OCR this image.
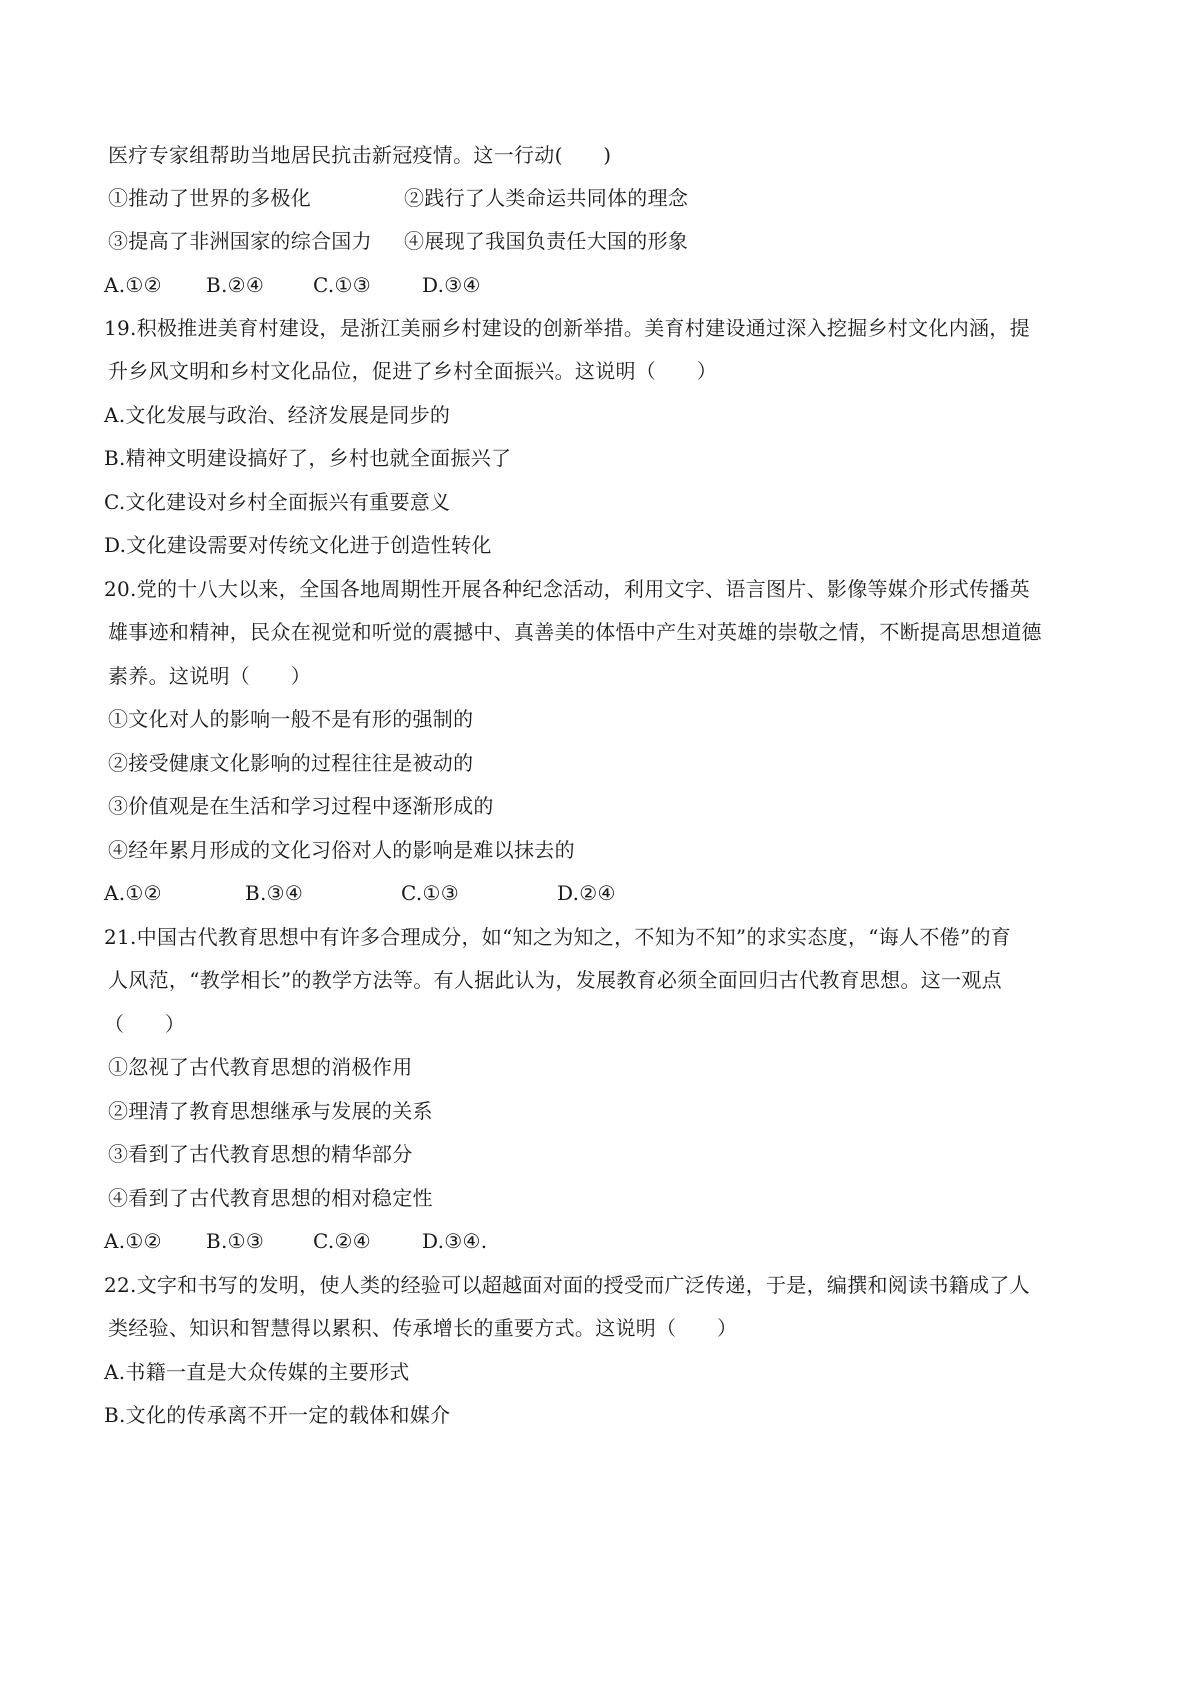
医疗专家组帮助当地居民抗击新冠疫情。这一行动(　　)
①推动了世界的多极化	②践行了人类命运共同体的理念
③提高了非洲国家的综合国力 ④展现了我国负责任大国的形象
A.①② B.②④ C.①③	D.③④
19.积极推进美育村建设，是浙江美丽乡村建设的创新举措。美育村建设通过深入挖掘乡村文化内涵，提
升乡风文明和乡村文化品位，促进了乡村全面振兴。这说明（　　）
A.文化发展与政治、经济发展是同步的
B.精神文明建设搞好了，乡村也就全面振兴了
C.文化建设对乡村全面振兴有重要意义
D.文化建设需要对传统文化进于创造性转化
20.党的十八大以来，全国各地周期性开展各种纪念活动，利用文字、语言图片、影像等媒介形式传播英
雄事迹和精神，民众在视觉和听觉的震撼中、真善美的体悟中产生对英雄的崇敬之情，不断提高思想道德
素养。这说明（　　）
①文化对人的影响一般不是有形的强制的
②接受健康文化影响的过程往往是被动的
③价值观是在生活和学习过程中逐渐形成的
④经年累月形成的文化习俗对人的影响是难以抹去的
A.①②	B.③④	C.①③	D.②④
21.中国古代教育思想中有许多合理成分，如“知之为知之，不知为不知”的求实态度，“诲人不倦”的育
人风范，“教学相长”的教学方法等。有人据此认为，发展教育必须全面回归古代教育思想。这一观点
（　　）
①忽视了古代教育思想的消极作用
②理清了教育思想继承与发展的关系
③看到了古代教育思想的精华部分
④看到了古代教育思想的相对稳定性
A.①② B.①③ C.②④	D.③④.
22.文字和书写的发明，使人类的经验可以超越面对面的授受而广泛传递，于是，编撰和阅读书籍成了人
类经验、知识和智慧得以累积、传承增长的重要方式。这说明（　　）
A.书籍一直是大众传媒的主要形式
B.文化的传承离不开一定的载体和媒介
